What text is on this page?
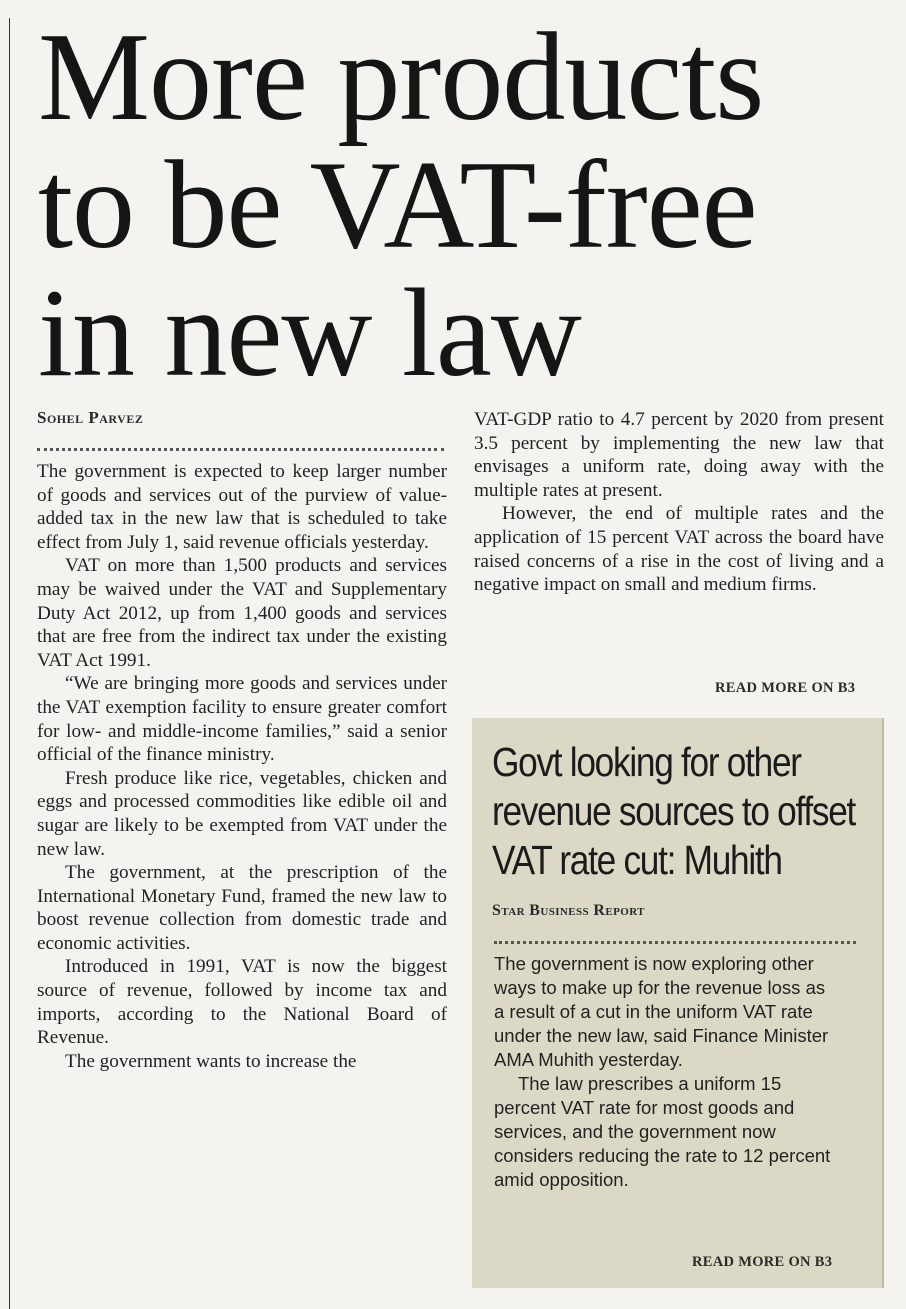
More products
to be VAT-free
in new law
Sohel Parvez

The government is expected to keep larger number of goods and services out of the purview of value-added tax in the new law that is scheduled to take effect from July 1, said revenue officials yesterday.

VAT on more than 1,500 products and services may be waived under the VAT and Supplementary Duty Act 2012, up from 1,400 goods and services that are free from the indirect tax under the existing VAT Act 1991.

“We are bringing more goods and services under the VAT exemption facility to ensure greater comfort for low- and middle-income families,” said a senior official of the finance ministry.

Fresh produce like rice, vegetables, chicken and eggs and processed commodities like edible oil and sugar are likely to be exempted from VAT under the new law.

The government, at the prescription of the International Monetary Fund, framed the new law to boost revenue collection from domestic trade and economic activities.

Introduced in 1991, VAT is now the biggest source of revenue, followed by income tax and imports, according to the National Board of Revenue.

The government wants to increase the

VAT-GDP ratio to 4.7 percent by 2020 from present 3.5 percent by implementing the new law that envisages a uniform rate, doing away with the multiple rates at present.

However, the end of multiple rates and the application of 15 percent VAT across the board have raised concerns of a rise in the cost of living and a negative impact on small and medium firms.

READ MORE ON B3
Govt looking for other
revenue sources to offset
VAT rate cut: Muhith
Star Business Report

The government is now exploring other ways to make up for the revenue loss as a result of a cut in the uniform VAT rate under the new law, said Finance Minister AMA Muhith yesterday.

The law prescribes a uniform 15 percent VAT rate for most goods and services, and the government now considers reducing the rate to 12 percent amid opposition.

READ MORE ON B3
